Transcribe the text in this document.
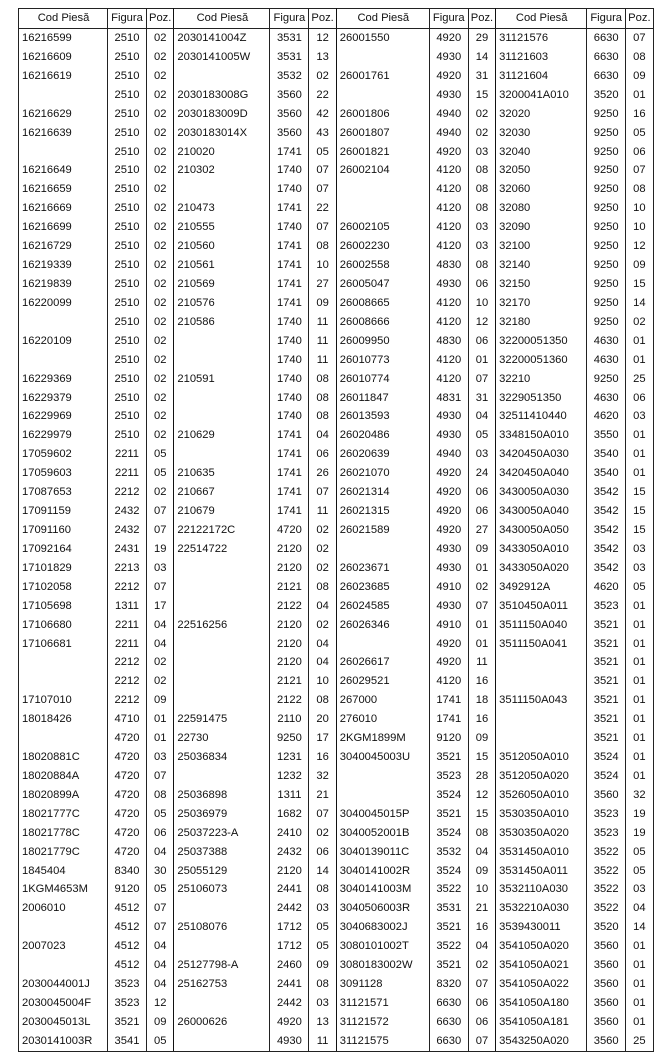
Cod Piesă	Figura	Poz.	Cod Piesă	Figura	Poz.	Cod Piesă	Figura	Poz.	Cod Piesă	Figura	Poz.
16216599	2510	02	2030141004Z	3531	12	26001550	4920	29	31121576	6630	07
16216609	2510	02	2030141005W	3531	13		4930	14	31121603	6630	08
16216619	2510	02		3532	02	26001761	4920	31	31121604	6630	09
	2510	02	2030183008G	3560	22		4930	15	3200041A010	3520	01
16216629	2510	02	2030183009D	3560	42	26001806	4940	02	32020	9250	16
16216639	2510	02	2030183014X	3560	43	26001807	4940	02	32030	9250	05
	2510	02	210020	1741	05	26001821	4920	03	32040	9250	06
16216649	2510	02	210302	1740	07	26002104	4120	08	32050	9250	07
16216659	2510	02		1740	07		4120	08	32060	9250	08
16216669	2510	02	210473	1741	22		4120	08	32080	9250	10
16216699	2510	02	210555	1740	07	26002105	4120	03	32090	9250	10
16216729	2510	02	210560	1741	08	26002230	4120	03	32100	9250	12
16219339	2510	02	210561	1741	10	26002558	4830	08	32140	9250	09
16219839	2510	02	210569	1741	27	26005047	4930	06	32150	9250	15
16220099	2510	02	210576	1741	09	26008665	4120	10	32170	9250	14
	2510	02	210586	1740	11	26008666	4120	12	32180	9250	02
16220109	2510	02		1740	11	26009950	4830	06	32200051350	4630	01
	2510	02		1740	11	26010773	4120	01	32200051360	4630	01
16229369	2510	02	210591	1740	08	26010774	4120	07	32210	9250	25
16229379	2510	02		1740	08	26011847	4831	31	3229051350	4630	06
16229969	2510	02		1740	08	26013593	4930	04	32511410440	4620	03
16229979	2510	02	210629	1741	04	26020486	4930	05	3348150A010	3550	01
17059602	2211	05		1741	06	26020639	4940	03	3420450A030	3540	01
17059603	2211	05	210635	1741	26	26021070	4920	24	3420450A040	3540	01
17087653	2212	02	210667	1741	07	26021314	4920	06	3430050A030	3542	15
17091159	2432	07	210679	1741	11	26021315	4920	06	3430050A040	3542	15
17091160	2432	07	22122172C	4720	02	26021589	4920	27	3430050A050	3542	15
17092164	2431	19	22514722	2120	02		4930	09	3433050A010	3542	03
17101829	2213	03		2120	02	26023671	4930	01	3433050A020	3542	03
17102058	2212	07		2121	08	26023685	4910	02	3492912A	4620	05
17105698	1311	17		2122	04	26024585	4930	07	3510450A011	3523	01
17106680	2211	04	22516256	2120	02	26026346	4910	01	3511150A040	3521	01
17106681	2211	04		2120	04		4920	01	3511150A041	3521	01
	2212	02		2120	04	26026617	4920	11		3521	01
	2212	02		2121	10	26029521	4120	16		3521	01
17107010	2212	09		2122	08	267000	1741	18	3511150A043	3521	01
18018426	4710	01	22591475	2110	20	276010	1741	16		3521	01
	4720	01	22730	9250	17	2KGM1899M	9120	09		3521	01
18020881C	4720	03	25036834	1231	16	3040045003U	3521	15	3512050A010	3524	01
18020884A	4720	07		1232	32		3523	28	3512050A020	3524	01
18020899A	4720	08	25036898	1311	21		3524	12	3526050A010	3560	32
18021777C	4720	05	25036979	1682	07	3040045015P	3521	15	3530350A010	3523	19
18021778C	4720	06	25037223-A	2410	02	3040052001B	3524	08	3530350A020	3523	19
18021779C	4720	04	25037388	2432	06	3040139011C	3532	04	3531450A010	3522	05
1845404	8340	30	25055129	2120	14	3040141002R	3524	09	3531450A011	3522	05
1KGM4653M	9120	05	25106073	2441	08	3040141003M	3522	10	3532110A030	3522	03
2006010	4512	07		2442	03	3040506003R	3531	21	3532210A030	3522	04
	4512	07	25108076	1712	05	3040683002J	3521	16	3539430011	3520	14
2007023	4512	04		1712	05	3080101002T	3522	04	3541050A020	3560	01
	4512	04	25127798-A	2460	09	3080183002W	3521	02	3541050A021	3560	01
2030044001J	3523	04	25162753	2441	08	3091128	8320	07	3541050A022	3560	01
2030045004F	3523	12		2442	03	31121571	6630	06	3541050A180	3560	01
2030045013L	3521	09	26000626	4920	13	31121572	6630	06	3541050A181	3560	01
2030141003R	3541	05		4930	11	31121575	6630	07	3543250A020	3560	25
